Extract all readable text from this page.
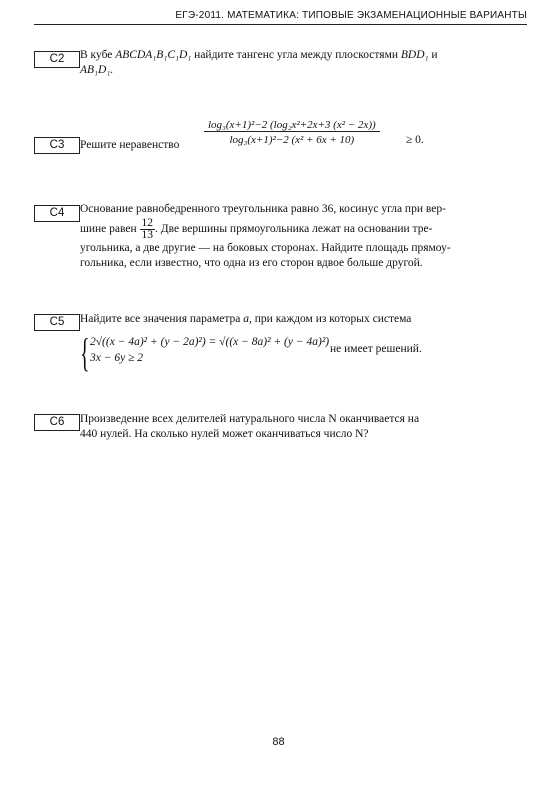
ЕГЭ-2011. МАТЕМАТИКА: ТИПОВЫЕ ЭКЗАМЕНАЦИОННЫЕ ВАРИАНТЫ
C2	В кубе ABCDA₁B₁C₁D₁ найдите тангенс угла между плоскостями BDD₁ и
AB₁D₁.
C3	Решите неравенство	$\frac{\text{log₃(x+1)²−2 (log₂x²+2x+3 (x² − 2x))}}{\text{log₃(x+1)²−2 (x² + 6x + 10)}} \ge 0$.
C4	Основание равнобедренного треугольника равно 36, косинус угла при вер-
шине равен $\frac{12}{13}$ . Две вершины прямоугольника лежат на основании тре-
угольника, а две другие — на боковых сторонах. Найдите площадь прямоу-
гольника, если известно, что одна из его сторон вдвое больше другой.
C5	Найдите все значения параметра a, при каждом из которых система
{ 2√((x − 4a)² + (y − 2a)²) = √((x − 8a)² + (y − 4a)²)
3x − 6y ≥ 2
не имеет решений.
C6	Произведение всех делителей натурального числа N оканчивается на
440 нулей. На сколько нулей может оканчиваться число N?
88
